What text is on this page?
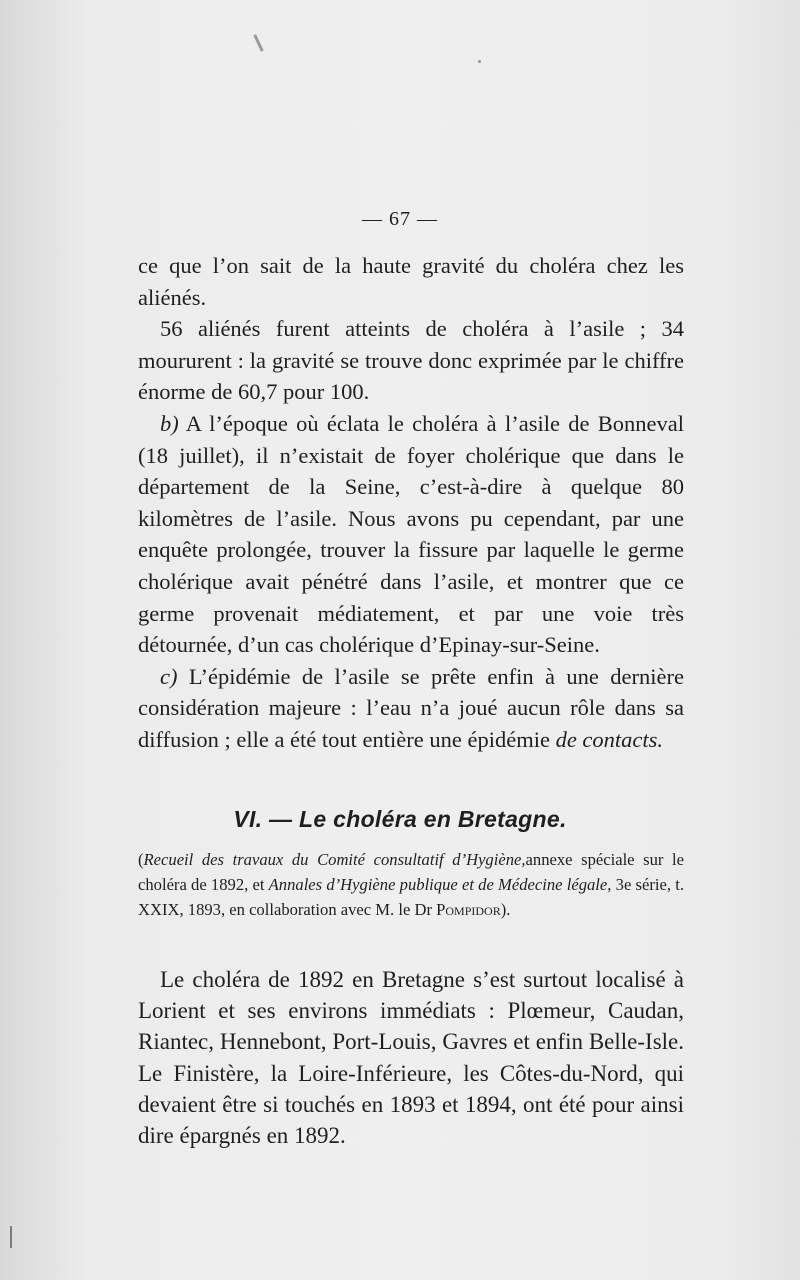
— 67 —

ce que l’on sait de la haute gravité du choléra chez les aliénés.

56 aliénés furent atteints de choléra à l’asile ; 34 moururent : la gravité se trouve donc exprimée par le chiffre énorme de 60,7 pour 100.

b) A l’époque où éclata le choléra à l’asile de Bonneval (18 juillet), il n’existait de foyer cholérique que dans le département de la Seine, c’est-à-dire à quelque 80 kilomètres de l’asile. Nous avons pu cependant, par une enquête prolongée, trouver la fissure par laquelle le germe cholérique avait pénétré dans l’asile, et montrer que ce germe provenait médiatement, et par une voie très détournée, d’un cas cholérique d’Epinay-sur-Seine.

c) L’épidémie de l’asile se prête enfin à une dernière considération majeure : l’eau n’a joué aucun rôle dans sa diffusion ; elle a été tout entière une épidémie de contacts.

VI. — Le choléra en Bretagne.
(Recueil des travaux du Comité consultatif d’Hygiène,annexe spéciale sur le choléra de 1892, et Annales d’Hygiène publique et de Médecine légale, 3e série, t. XXIX, 1893, en collaboration avec M. le Dr Pompidor).

Le choléra de 1892 en Bretagne s’est surtout localisé à Lorient et ses environs immédiats : Plœmeur, Caudan, Riantec, Hennebont, Port-Louis, Gavres et enfin Belle-Isle. Le Finistère, la Loire-Inférieure, les Côtes-du-Nord, qui devaient être si touchés en 1893 et 1894, ont été pour ainsi dire épargnés en 1892.
